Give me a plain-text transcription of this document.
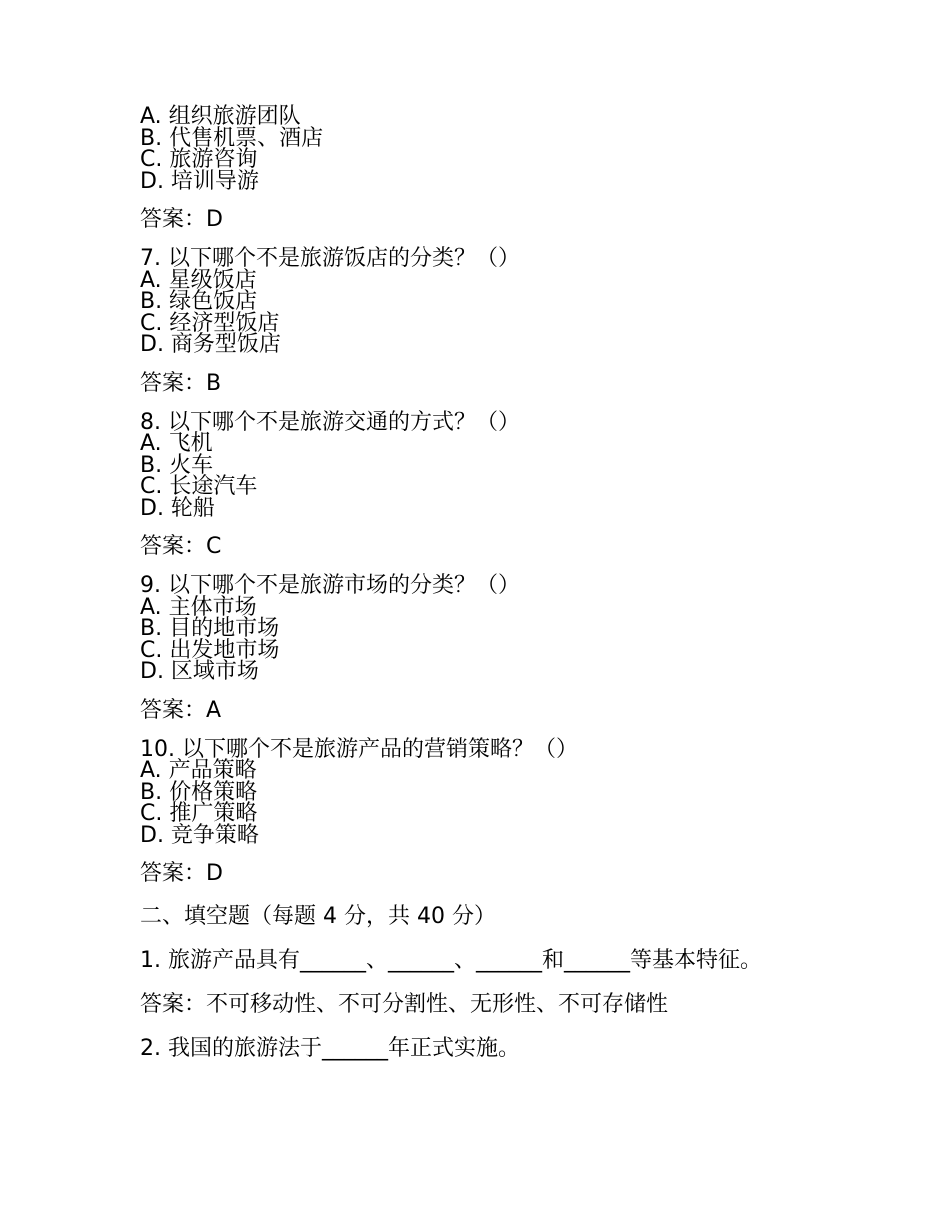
A. 组织旅游团队
B. 代售机票、酒店
C. 旅游咨询
D. 培训导游
答案：D
7. 以下哪个不是旅游饭店的分类？（）
A. 星级饭店
B. 绿色饭店
C. 经济型饭店
D. 商务型饭店
答案：B
8. 以下哪个不是旅游交通的方式？（）
A. 飞机
B. 火车
C. 长途汽车
D. 轮船
答案：C
9. 以下哪个不是旅游市场的分类？（）
A. 主体市场
B. 目的地市场
C. 出发地市场
D. 区域市场
答案：A
10. 以下哪个不是旅游产品的营销策略？（）
A. 产品策略
B. 价格策略
C. 推广策略
D. 竞争策略
答案：D
二、填空题（每题 4 分，共 40 分）
1. 旅游产品具有______、______、______和______等基本特征。
答案：不可移动性、不可分割性、无形性、不可存储性
2. 我国的旅游法于______年正式实施。
